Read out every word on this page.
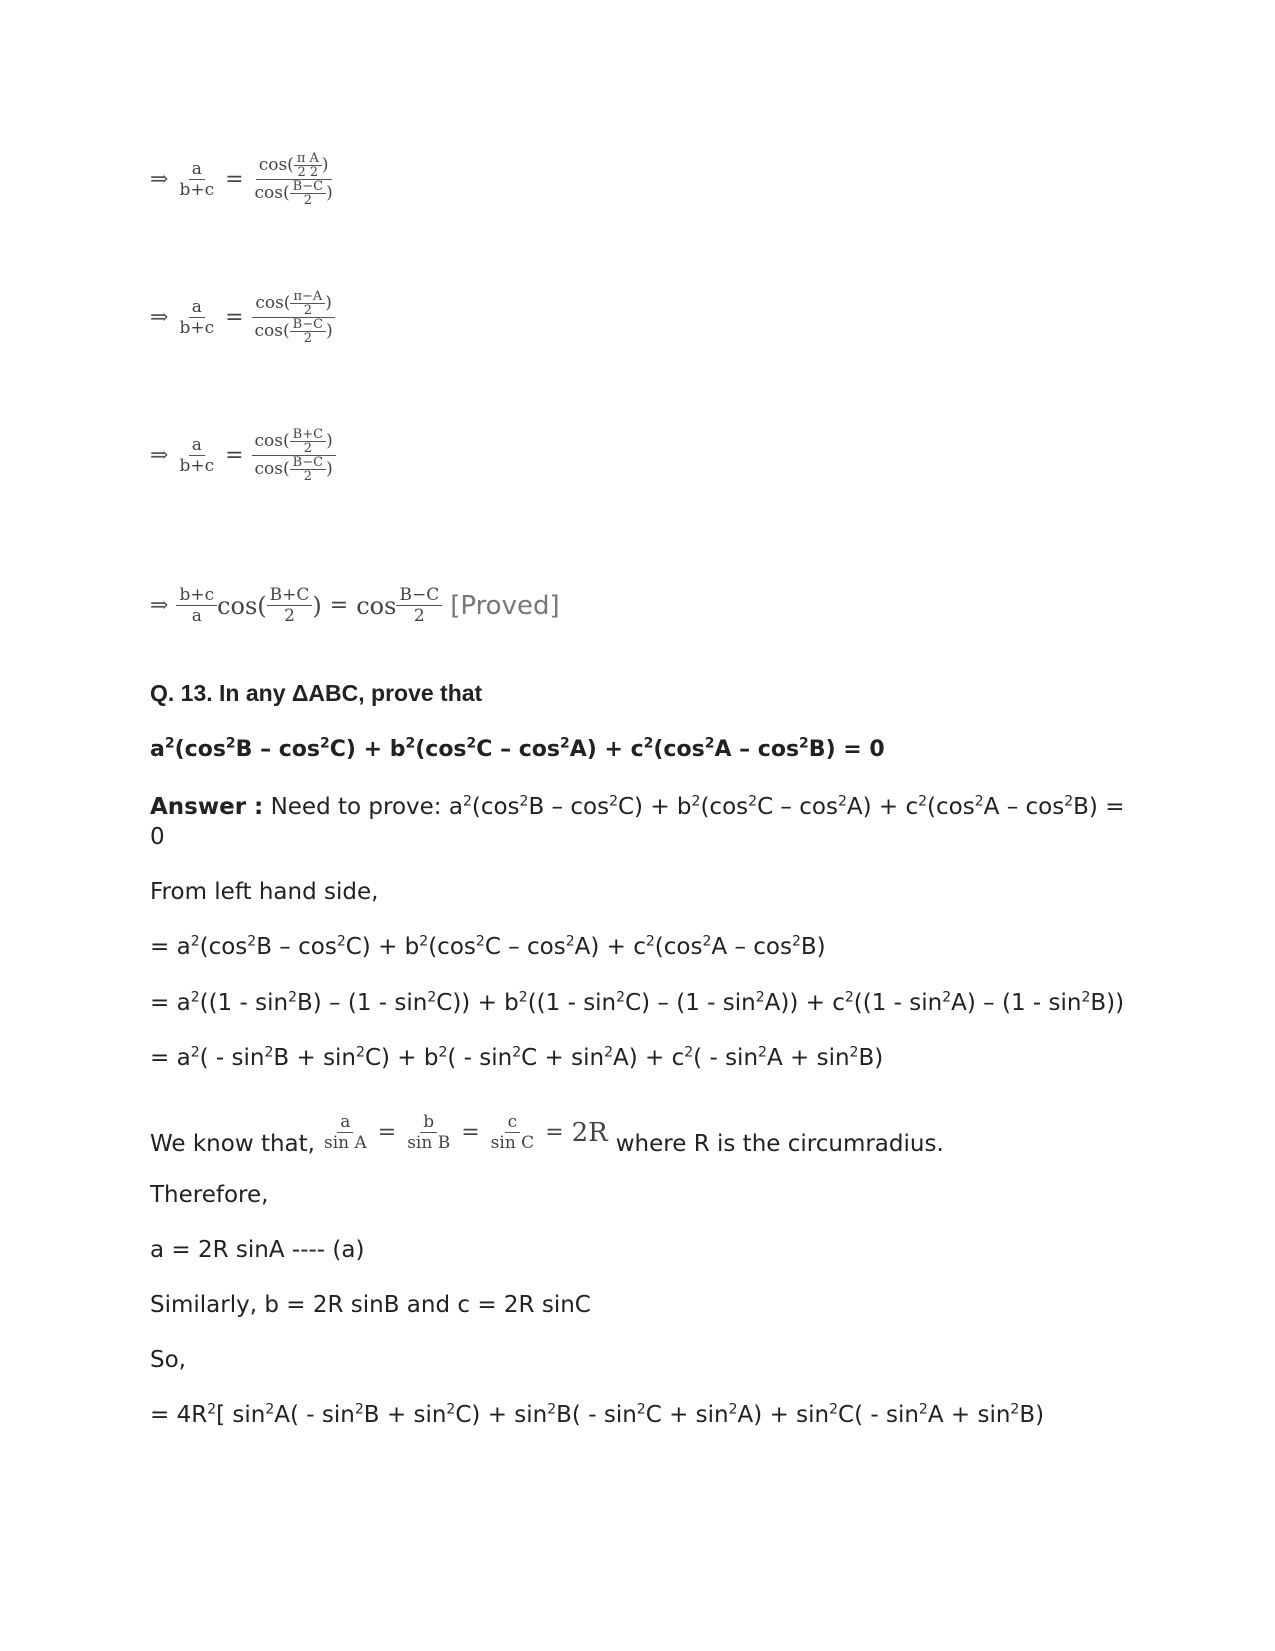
⇒ $\frac{a}{b+c} = \frac{\cos( \frac{\text{π A}}{2 2} )}{\cos( \frac{B-C}{2} )}$
⇒ $\frac{a}{b+c} = \frac{\cos( \frac{\pi-A}{2} )}{\cos( \frac{B-C}{2} )}$
⇒ $\frac{a}{b+c} = \frac{\cos( \frac{B+C}{2} )}{\cos( \frac{B-C}{2} )}$
⇒ $\frac{b+c}{a} \cos( \frac{B+C}{2}$ ) = $\cos \frac{B-C}{2}$ [Proved]
Q. 13. In any ΔABC, prove that
$a^2(\cos^2B - \cos^2C) + b^2(\cos^2C - \cos^2A) + c^2(\cos^2A - \cos^2B) = 0$
Answer : Need to prove: $a^2(\cos^2B - \cos^2C) + b^2(\cos^2C - \cos^2A) + c^2(\cos^2A - \cos^2B)$ =
0
From left hand side,
= $a^2(\cos^2B - \cos^2C) + b^2(\cos^2C - \cos^2A) + c^2(\cos^2A - \cos^2B)$
= $a^2((1 - \sin^2B) - (1 - \sin^2C)) + b^2((1 - \sin^2C) - (1 - \sin^2A)) + c^2((1 - \sin^2A) - (1 - \sin^2B))$
= $a^2( - \sin^2B + \sin^2C) + b^2( - \sin^2C + \sin^2A) + c^2( - \sin^2A + \sin^2B)$
We know that, $\frac{a}{\text{sin A}} = \frac{b}{\text{sin B}} = \frac{c}{\text{sin C}} = 2R$ where R is the circumradius.
Therefore,
a = 2R sinA ---- (a)
Similarly, b = 2R sinB and c = 2R sinC
So,
= $4R^2$[ $\sin^2A( - \sin^2B + \sin^2C) + \sin^2B( - \sin^2C + \sin^2A) + \sin^2C( - \sin^2A + \sin^2B)$
